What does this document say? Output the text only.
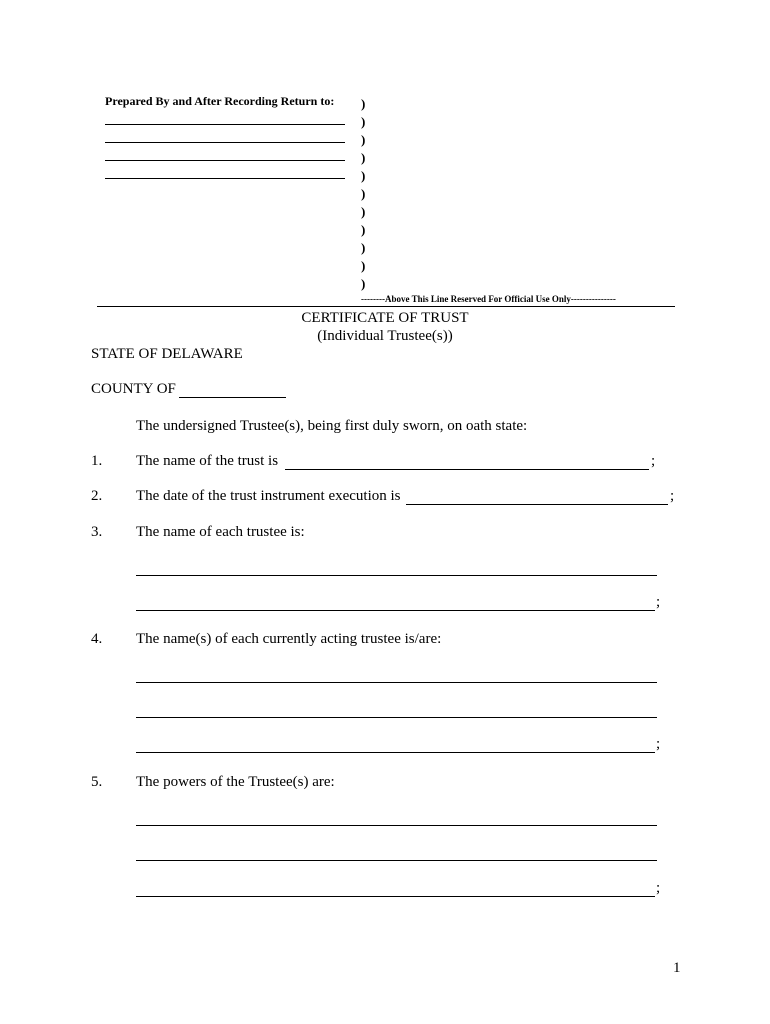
Prepared By and After Recording Return to: )
)
)
)
)
)
)
)
)
)
)
--------Above This Line Reserved For Official Use Only---------------
CERTIFICATE OF TRUST
(Individual Trustee(s))
STATE OF DELAWARE
COUNTY OF
The undersigned Trustee(s), being first duly sworn, on oath state:
1. The name of the trust is	;
2. The date of the trust instrument execution is	;
3. The name of each trustee is:
;
4. The name(s) of each currently acting trustee is/are:
;
5. The powers of the Trustee(s) are:
;
1
